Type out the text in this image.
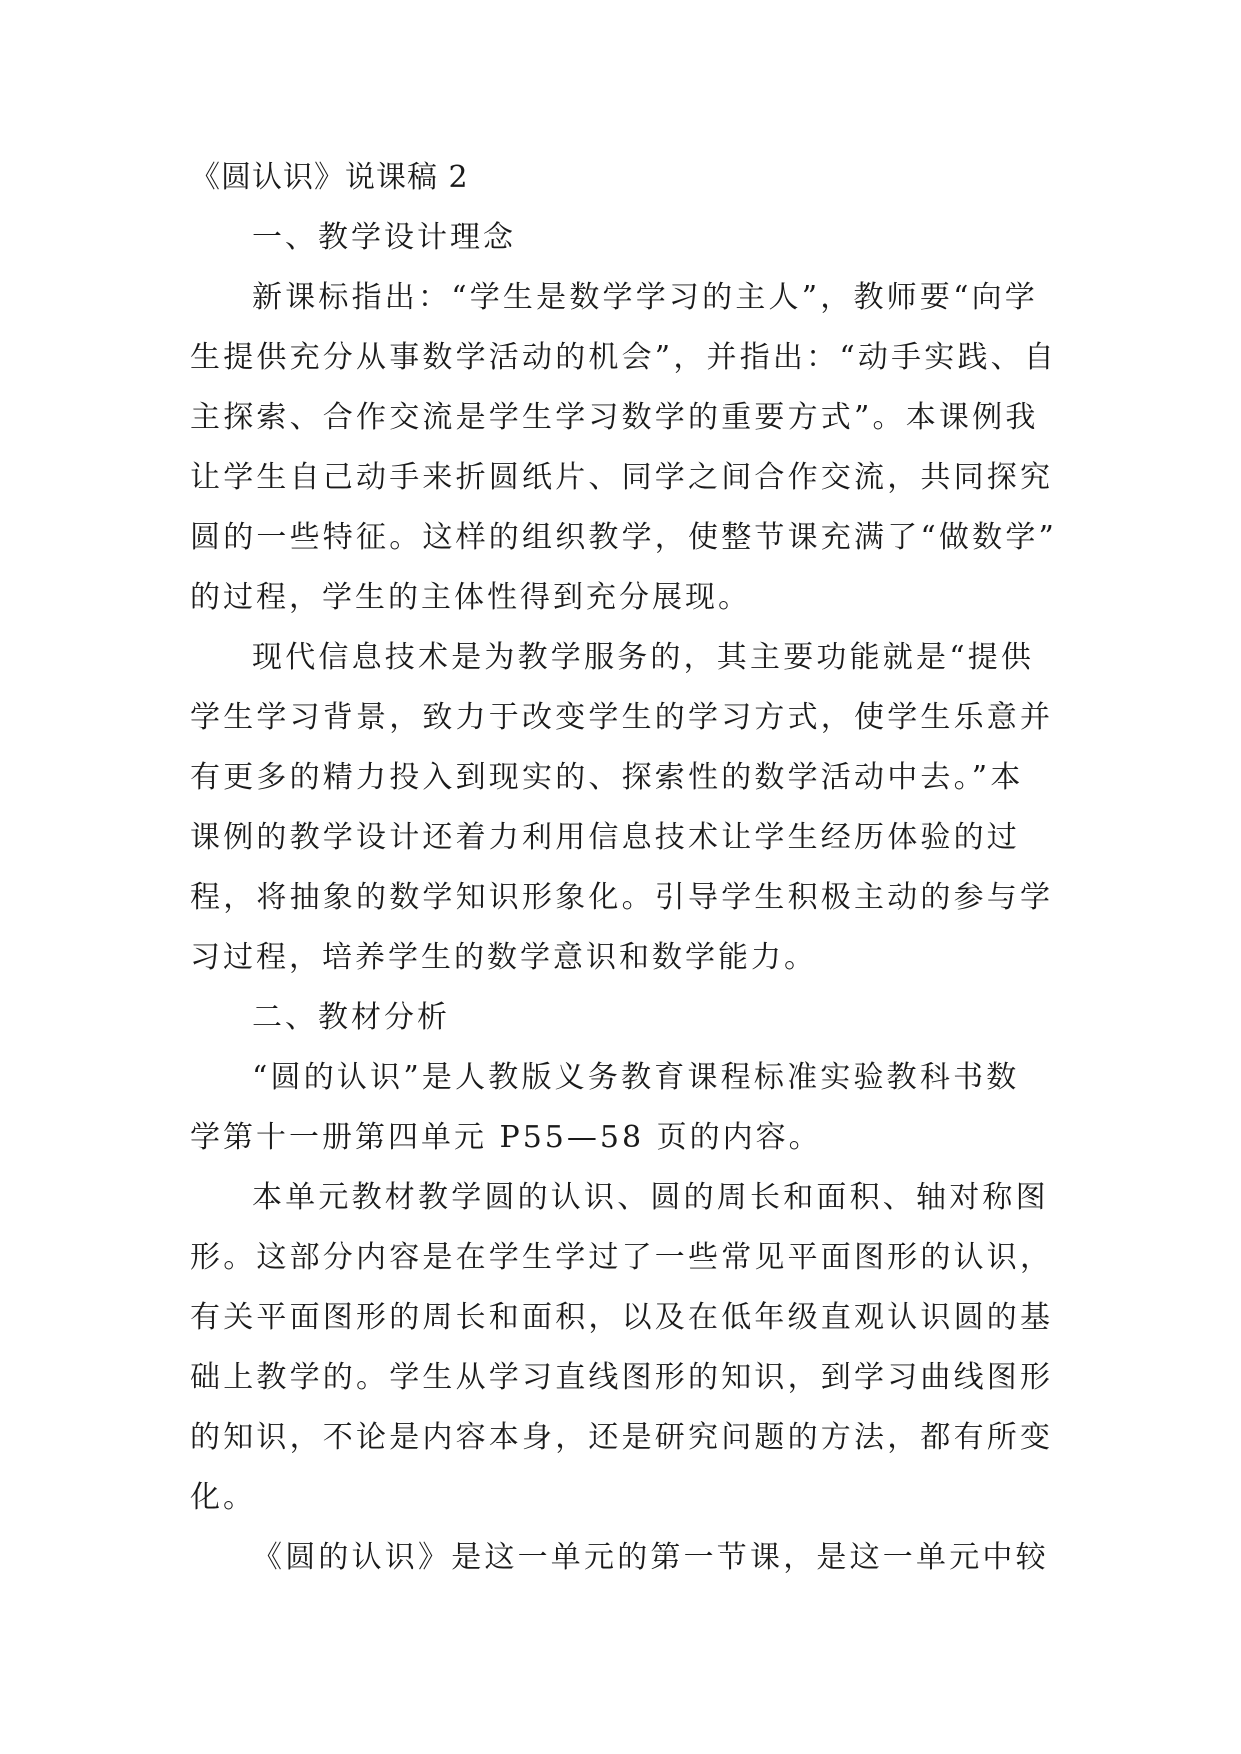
《圆认识》说课稿 2
一、教学设计理念
新课标指出：“学生是数学学习的主人”，教师要“向学
生提供充分从事数学活动的机会”，并指出：“动手实践、自
主探索、合作交流是学生学习数学的重要方式”。本课例我
让学生自己动手来折圆纸片、同学之间合作交流，共同探究
圆的一些特征。这样的组织教学，使整节课充满了“做数学”
的过程，学生的主体性得到充分展现。
现代信息技术是为教学服务的，其主要功能就是“提供
学生学习背景，致力于改变学生的学习方式，使学生乐意并
有更多的精力投入到现实的、探索性的数学活动中去。”本
课例的教学设计还着力利用信息技术让学生经历体验的过
程，将抽象的数学知识形象化。引导学生积极主动的参与学
习过程，培养学生的数学意识和数学能力。
二、教材分析
“圆的认识”是人教版义务教育课程标准实验教科书数
学第十一册第四单元 P55—58 页的内容。
本单元教材教学圆的认识、圆的周长和面积、轴对称图
形。这部分内容是在学生学过了一些常见平面图形的认识，
有关平面图形的周长和面积，以及在低年级直观认识圆的基
础上教学的。学生从学习直线图形的知识，到学习曲线图形
的知识，不论是内容本身，还是研究问题的方法，都有所变
化。
《圆的认识》是这一单元的第一节课，是这一单元中较
